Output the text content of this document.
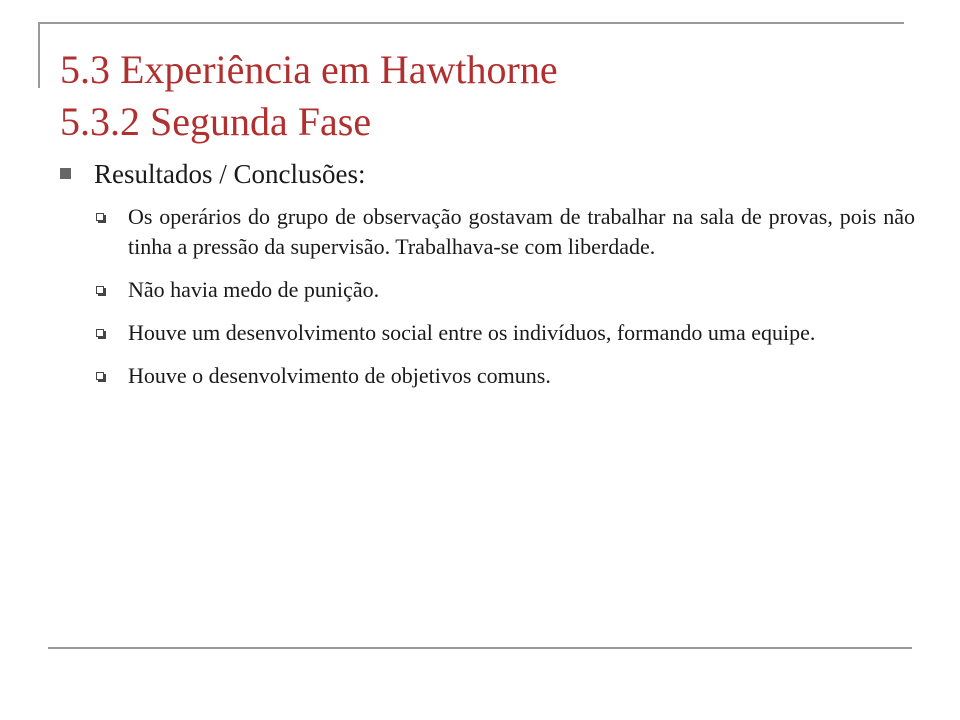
5.3 Experiência em Hawthorne
5.3.2 Segunda Fase
Resultados / Conclusões:
Os operários do grupo de observação gostavam de trabalhar na sala de provas, pois não tinha a pressão da supervisão. Trabalhava-se com liberdade.
Não havia medo de punição.
Houve um desenvolvimento social entre os indivíduos, formando uma equipe.
Houve o desenvolvimento de objetivos comuns.
